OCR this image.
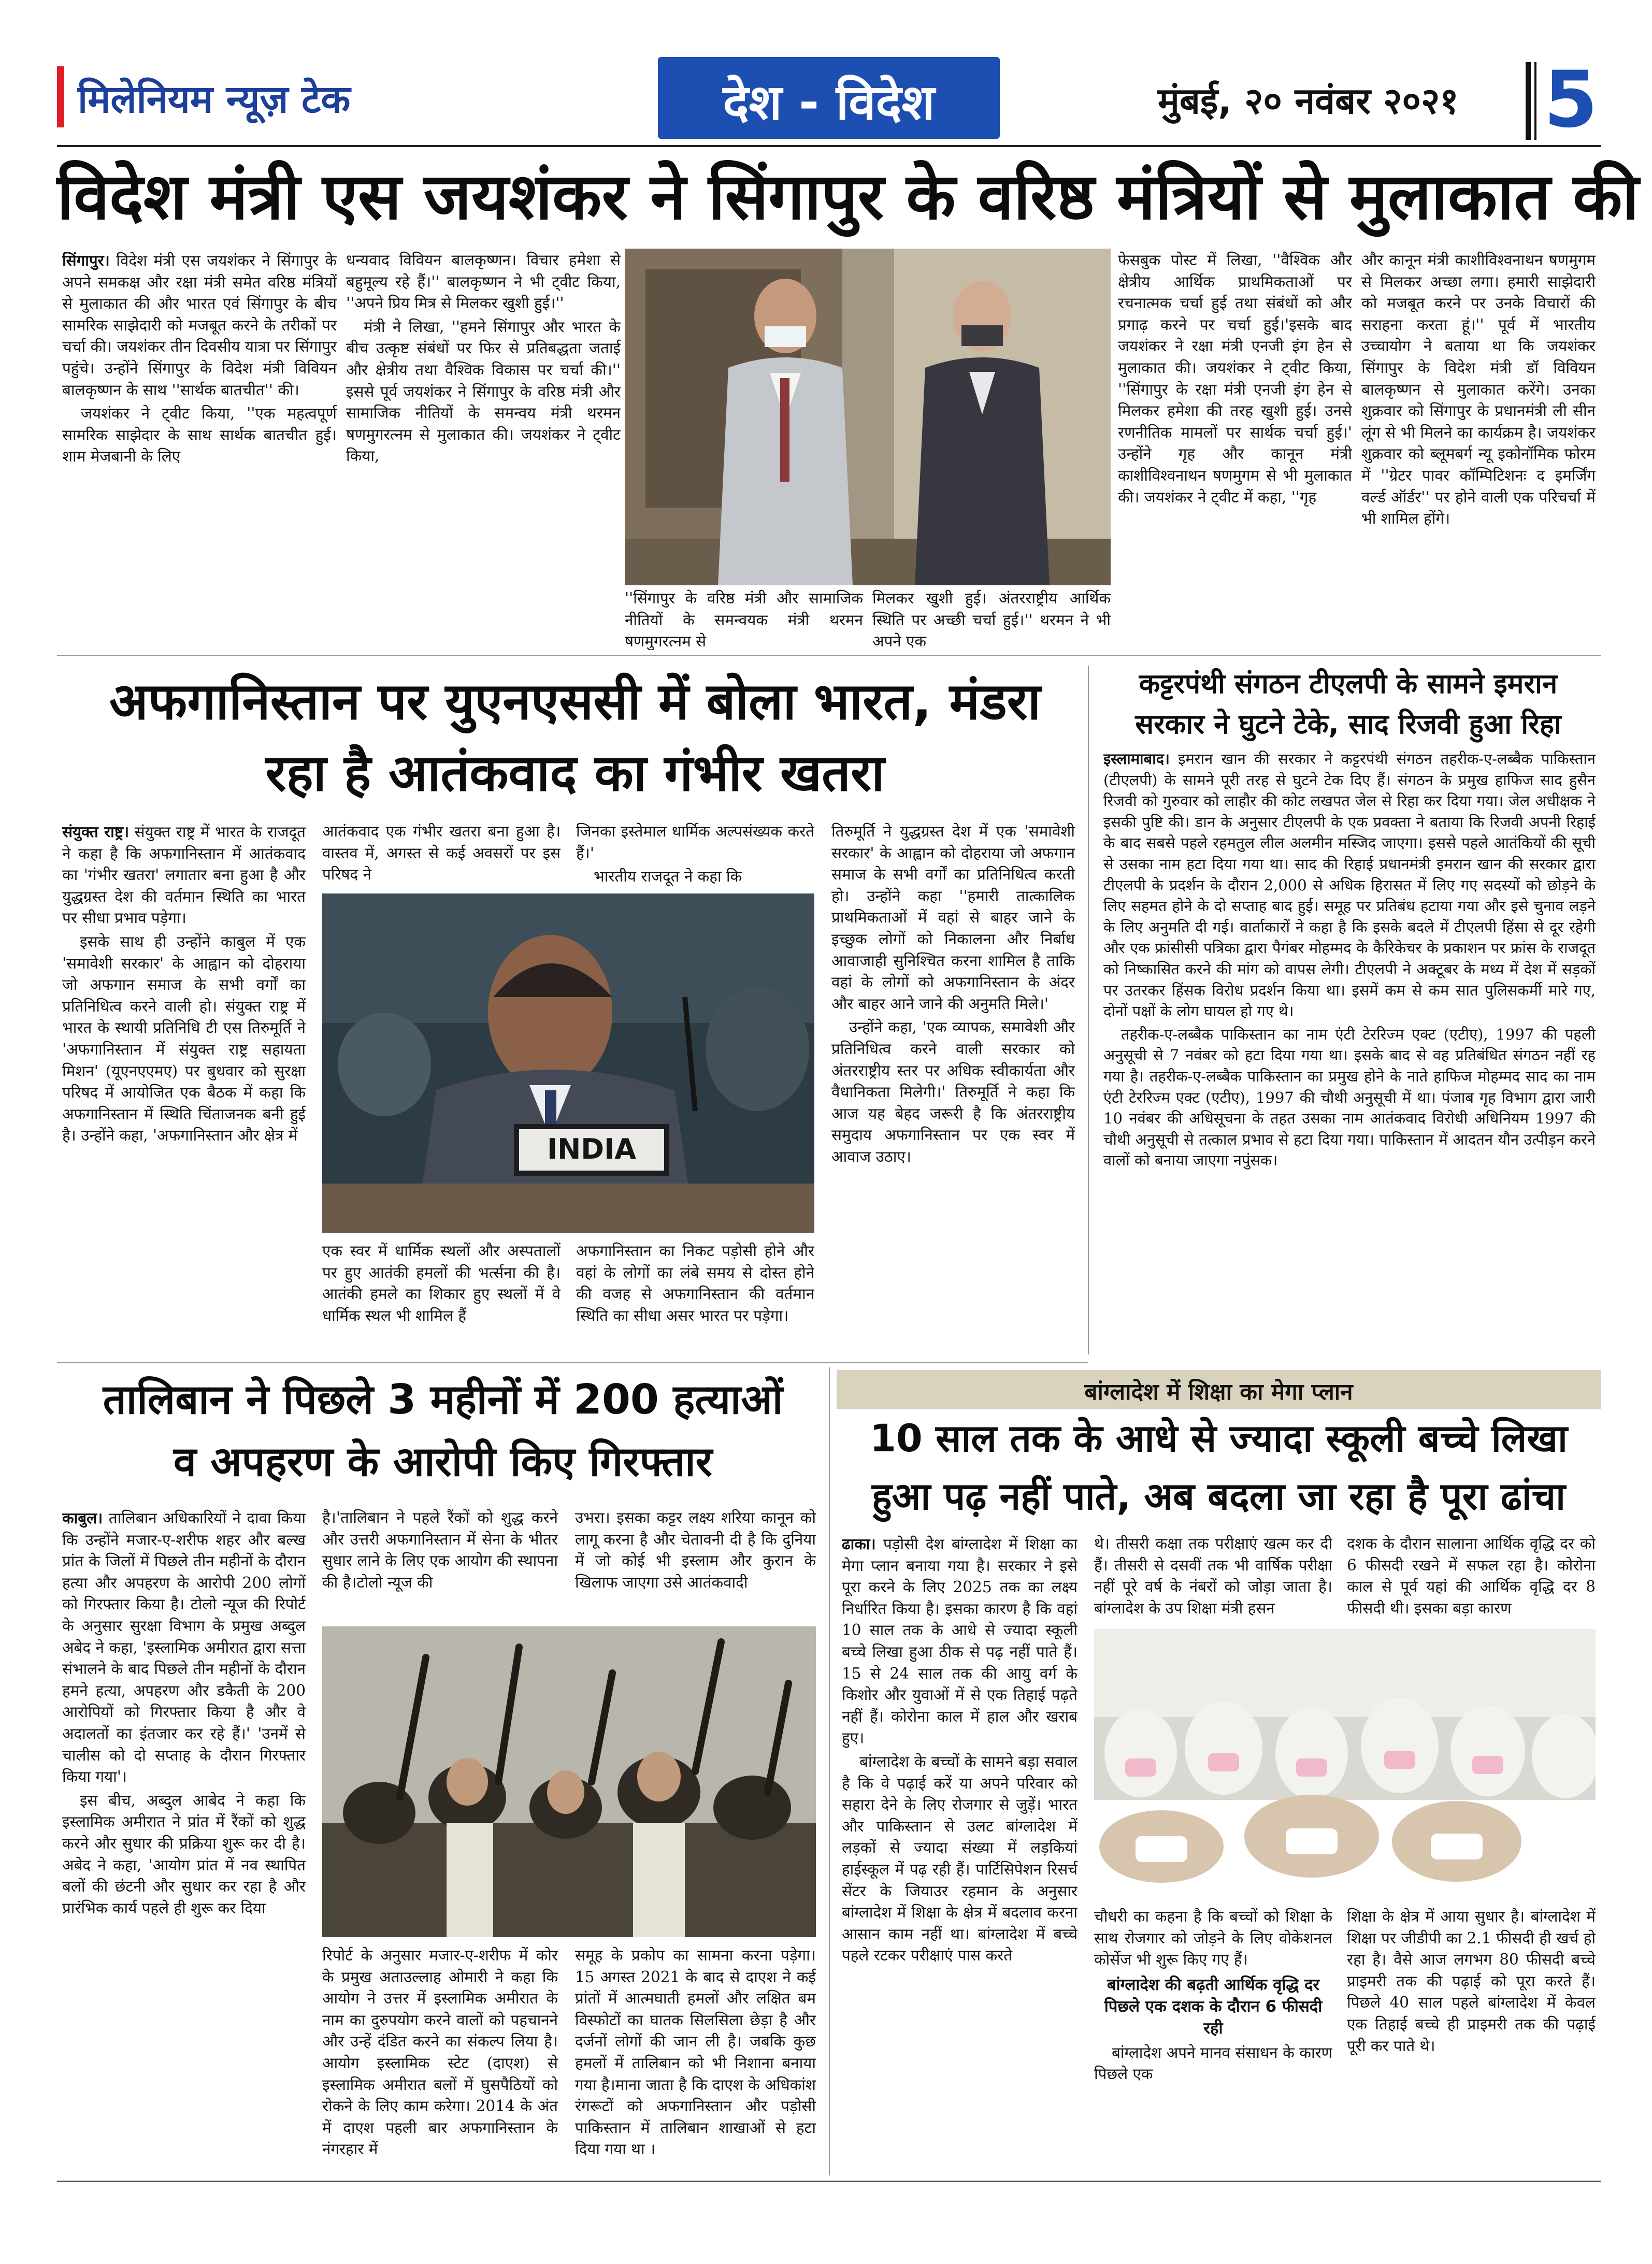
मिलेनियम न्यूज़ टेक	देश - विदेश	मुंबई, २० नवंबर २०२१ 5
विदेश मंत्री एस जयशंकर ने सिंगापुर के वरिष्ठ मंत्रियों से मुलाकात की

सिंगापुर। विदेश मंत्री एस जयशंकर ने सिंगापुर के अपने समकक्ष और रक्षा मंत्री समेत वरिष्ठ मंत्रियों से मुलाकात की और भारत एवं सिंगापुर के बीच सामरिक साझेदारी को मजबूत करने के तरीकों पर चर्चा की। जयशंकर तीन दिवसीय यात्रा पर सिंगापुर पहुंचे। उन्होंने सिंगापुर के विदेश मंत्री विवियन बालकृष्णन के साथ ''सार्थक बातचीत'' की।

जयशंकर ने ट्वीट किया, ''एक महत्वपूर्ण सामरिक साझेदार के साथ सार्थक बातचीत हुई। शाम मेजबानी के लिए

धन्यवाद विवियन बालकृष्णन। विचार हमेशा से बहुमूल्य रहे हैं।'' बालकृष्णन ने भी ट्वीट किया, ''अपने प्रिय मित्र से मिलकर खुशी हुई।''

मंत्री ने लिखा, ''हमने सिंगापुर और भारत के बीच उत्कृष्ट संबंधों पर फिर से प्रतिबद्धता जताई और क्षेत्रीय तथा वैश्विक विकास पर चर्चा की।'' इससे पूर्व जयशंकर ने सिंगापुर के वरिष्ठ मंत्री और सामाजिक नीतियों के समन्वय मंत्री थरमन षणमुगरत्नम से मुलाकात की। जयशंकर ने ट्वीट किया,

''सिंगापुर के वरिष्ठ मंत्री और सामाजिक नीतियों के समन्वयक मंत्री थरमन षणमुगरत्नम से

मिलकर खुशी हुई। अंतरराष्ट्रीय आर्थिक स्थिति पर अच्छी चर्चा हुई।'' थरमन ने भी अपने एक

फेसबुक पोस्ट में लिखा, ''वैश्विक और क्षेत्रीय आर्थिक प्राथमिकताओं पर रचनात्मक चर्चा हुई तथा संबंधों को और प्रगाढ़ करने पर चर्चा हुई।'इसके बाद जयशंकर ने रक्षा मंत्री एनजी इंग हेन से मुलाकात की। जयशंकर ने ट्वीट किया, ''सिंगापुर के रक्षा मंत्री एनजी इंग हेन से मिलकर हमेशा की तरह खुशी हुई। उनसे रणनीतिक मामलों पर सार्थक चर्चा हुई।' उन्होंने गृह और कानून मंत्री काशीविश्वनाथन षणमुगम से भी मुलाकात की। जयशंकर ने ट्वीट में कहा, ''गृह

और कानून मंत्री काशीविश्वनाथन षणमुगम से मिलकर अच्छा लगा। हमारी साझेदारी को मजबूत करने पर उनके विचारों की सराहना करता हूं।'' पूर्व में भारतीय उच्चायोग ने बताया था कि जयशंकर सिंगापुर के विदेश मंत्री डॉ विवियन बालकृष्णन से मुलाकात करेंगे। उनका शुक्रवार को सिंगापुर के प्रधानमंत्री ली सीन लूंग से भी मिलने का कार्यक्रम है। जयशंकर शुक्रवार को ब्लूमबर्ग न्यू इकोनॉमिक फोरम में ''ग्रेटर पावर कॉम्पिटिशनः द इमर्जिंग वर्ल्ड ऑर्डर'' पर होने वाली एक परिचर्चा में भी शामिल होंगे।

अफगानिस्तान पर युएनएससी में बोला भारत, मंडरा
रहा है आतंकवाद का गंभीर खतरा

संयुक्त राष्ट्र। संयुक्त राष्ट्र में भारत के राजदूत ने कहा है कि अफगानिस्तान में आतंकवाद का 'गंभीर खतरा' लगातार बना हुआ है और युद्धग्रस्त देश की वर्तमान स्थिति का भारत पर सीधा प्रभाव पड़ेगा।

इसके साथ ही उन्होंने काबुल में एक 'समावेशी सरकार' के आह्वान को दोहराया जो अफगान समाज के सभी वर्गों का प्रतिनिधित्व करने वाली हो। संयुक्त राष्ट्र में भारत के स्थायी प्रतिनिधि टी एस तिरुमूर्ति ने 'अफगानिस्तान में संयुक्त राष्ट्र सहायता मिशन' (यूएनएएमए) पर बुधवार को सुरक्षा परिषद में आयोजित एक बैठक में कहा कि अफगानिस्तान में स्थिति चिंताजनक बनी हुई है। उन्होंने कहा, 'अफगानिस्तान और क्षेत्र में

आतंकवाद एक गंभीर खतरा बना हुआ है। वास्तव में, अगस्त से कई अवसरों पर इस परिषद ने

जिनका इस्तेमाल धार्मिक अल्पसंख्यक करते हैं।'

भारतीय राजदूत ने कहा कि

INDIA

एक स्वर में धार्मिक स्थलों और अस्पतालों पर हुए आतंकी हमलों की भर्त्सना की है। आतंकी हमले का शिकार हुए स्थलों में वे धार्मिक स्थल भी शामिल हैं

अफगानिस्तान का निकट पड़ोसी होने और वहां के लोगों का लंबे समय से दोस्त होने की वजह से अफगानिस्तान की वर्तमान स्थिति का सीधा असर भारत पर पड़ेगा।

तिरुमूर्ति ने युद्धग्रस्त देश में एक 'समावेशी सरकार' के आह्वान को दोहराया जो अफगान समाज के सभी वर्गों का प्रतिनिधित्व करती हो। उन्होंने कहा ''हमारी तात्कालिक प्राथमिकताओं में वहां से बाहर जाने के इच्छुक लोगों को निकालना और निर्बाध आवाजाही सुनिश्चित करना शामिल है ताकि वहां के लोगों को अफगानिस्तान के अंदर और बाहर आने जाने की अनुमति मिले।'

उन्होंने कहा, 'एक व्यापक, समावेशी और प्रतिनिधित्व करने वाली सरकार को अंतरराष्ट्रीय स्तर पर अधिक स्वीकार्यता और वैधानिकता मिलेगी।' तिरुमूर्ति ने कहा कि आज यह बेहद जरूरी है कि अंतरराष्ट्रीय समुदाय अफगानिस्तान पर एक स्वर में आवाज उठाए।

कट्टरपंथी संगठन टीएलपी के सामने इमरान
सरकार ने घुटने टेके, साद रिजवी हुआ रिहा

इस्लामाबाद। इमरान खान की सरकार ने कट्टरपंथी संगठन तहरीक-ए-लब्बैक पाकिस्तान (टीएलपी) के सामने पूरी तरह से घुटने टेक दिए हैं। संगठन के प्रमुख हाफिज साद हुसैन रिजवी को गुरुवार को लाहौर की कोट लखपत जेल से रिहा कर दिया गया। जेल अधीक्षक ने इसकी पुष्टि की। डान के अनुसार टीएलपी के एक प्रवक्ता ने बताया कि रिजवी अपनी रिहाई के बाद सबसे पहले रहमतुल लील अलमीन मस्जिद जाएगा। इससे पहले आतंकियों की सूची से उसका नाम हटा दिया गया था। साद की रिहाई प्रधानमंत्री इमरान खान की सरकार द्वारा टीएलपी के प्रदर्शन के दौरान 2,000 से अधिक हिरासत में लिए गए सदस्यों को छोड़ने के लिए सहमत होने के दो सप्ताह बाद हुई। समूह पर प्रतिबंध हटाया गया और इसे चुनाव लड़ने के लिए अनुमति दी गई। वार्ताकारों ने कहा है कि इसके बदले में टीएलपी हिंसा से दूर रहेगी और एक फ्रांसीसी पत्रिका द्वारा पैगंबर मोहम्मद के कैरिकेचर के प्रकाशन पर फ्रांस के राजदूत को निष्कासित करने की मांग को वापस लेगी। टीएलपी ने अक्टूबर के मध्य में देश में सड़कों पर उतरकर हिंसक विरोध प्रदर्शन किया था। इसमें कम से कम सात पुलिसकर्मी मारे गए, दोनों पक्षों के लोग घायल हो गए थे।

तहरीक-ए-लब्बैक पाकिस्तान का नाम एंटी टेररिज्म एक्ट (एटीए), 1997 की पहली अनुसूची से 7 नवंबर को हटा दिया गया था। इसके बाद से वह प्रतिबंधित संगठन नहीं रह गया है। तहरीक-ए-लब्बैक पाकिस्तान का प्रमुख होने के नाते हाफिज मोहम्मद साद का नाम एंटी टेररिज्म एक्ट (एटीए), 1997 की चौथी अनुसूची में था। पंजाब गृह विभाग द्वारा जारी 10 नवंबर की अधिसूचना के तहत उसका नाम आतंकवाद विरोधी अधिनियम 1997 की चौथी अनुसूची से तत्काल प्रभाव से हटा दिया गया। पाकिस्तान में आदतन यौन उत्पीड़न करने वालों को बनाया जाएगा नपुंसक।

बांग्लादेश में शिक्षा का मेगा प्लान
तालिबान ने पिछले 3 महीनों में 200 हत्याओं
व अपहरण के आरोपी किए गिरफ्तार

काबुल। तालिबान अधिकारियों ने दावा किया कि उन्होंने मजार-ए-शरीफ शहर और बल्ख प्रांत के जिलों में पिछले तीन महीनों के दौरान हत्या और अपहरण के आरोपी 200 लोगों को गिरफ्तार किया है। टोलो न्यूज की रिपोर्ट के अनुसार सुरक्षा विभाग के प्रमुख अब्दुल अबेद ने कहा, 'इस्लामिक अमीरात द्वारा सत्ता संभालने के बाद पिछले तीन महीनों के दौरान हमने हत्या, अपहरण और डकैती के 200 आरोपियों को गिरफ्तार किया है और वे अदालतों का इंतजार कर रहे हैं।' 'उनमें से चालीस को दो सप्ताह के दौरान गिरफ्तार किया गया'।

इस बीच, अब्दुल आबेद ने कहा कि इस्लामिक अमीरात ने प्रांत में रैंकों को शुद्ध करने और सुधार की प्रक्रिया शुरू कर दी है। अबेद ने कहा, 'आयोग प्रांत में नव स्थापित बलों की छंटनी और सुधार कर रहा है और प्रारंभिक कार्य पहले ही शुरू कर दिया

है।'तालिबान ने पहले रैंकों को शुद्ध करने और उत्तरी अफगानिस्तान में सेना के भीतर सुधार लाने के लिए एक आयोग की स्थापना की है।टोलो न्यूज की

उभरा। इसका कट्टर लक्ष्य शरिया कानून को लागू करना है और चेतावनी दी है कि दुनिया में जो कोई भी इस्लाम और कुरान के खिलाफ जाएगा उसे आतंकवादी

रिपोर्ट के अनुसार मजार-ए-शरीफ में कोर के प्रमुख अताउल्लाह ओमारी ने कहा कि आयोग ने उत्तर में इस्लामिक अमीरात के नाम का दुरुपयोग करने वालों को पहचानने और उन्हें दंडित करने का संकल्प लिया है। आयोग इस्लामिक स्टेट (दाएश) से इस्लामिक अमीरात बलों में घुसपैठियों को रोकने के लिए काम करेगा। 2014 के अंत में दाएश पहली बार अफगानिस्तान के नंगरहार में

समूह के प्रकोप का सामना करना पड़ेगा। 15 अगस्त 2021 के बाद से दाएश ने कई प्रांतों में आत्मघाती हमलों और लक्षित बम विस्फोटों का घातक सिलसिला छेड़ा है और दर्जनों लोगों की जान ली है। जबकि कुछ हमलों में तालिबान को भी निशाना बनाया गया है।माना जाता है कि दाएश के अधिकांश रंगरूटों को अफगानिस्तान और पड़ोसी पाकिस्तान में तालिबान शाखाओं से हटा दिया गया था ।

10 साल तक के आधे से ज्यादा स्कूली बच्चे लिखा
हुआ पढ़ नहीं पाते, अब बदला जा रहा है पूरा ढांचा

ढाका। पड़ोसी देश बांग्लादेश में शिक्षा का मेगा प्लान बनाया गया है। सरकार ने इसे पूरा करने के लिए 2025 तक का लक्ष्य निर्धारित किया है। इसका कारण है कि वहां 10 साल तक के आधे से ज्यादा स्कूली बच्चे लिखा हुआ ठीक से पढ़ नहीं पाते हैं। 15 से 24 साल तक की आयु वर्ग के किशोर और युवाओं में से एक तिहाई पढ़ते नहीं हैं। कोरोना काल में हाल और खराब हुए।

बांग्लादेश के बच्चों के सामने बड़ा सवाल है कि वे पढ़ाई करें या अपने परिवार को सहारा देने के लिए रोजगार से जुड़ें। भारत और पाकिस्तान से उलट बांग्लादेश में लड़कों से ज्यादा संख्या में लड़कियां हाईस्कूल में पढ़ रही हैं। पार्टिसिपेशन रिसर्च सेंटर के जियाउर रहमान के अनुसार बांग्लादेश में शिक्षा के क्षेत्र में बदलाव करना आसान काम नहीं था। बांग्लादेश में बच्चे पहले रटकर परीक्षाएं पास करते

थे। तीसरी कक्षा तक परीक्षाएं खत्म कर दी हैं। तीसरी से दसवीं तक भी वार्षिक परीक्षा नहीं पूरे वर्ष के नंबरों को जोड़ा जाता है। बांग्लादेश के उप शिक्षा मंत्री हसन

दशक के दौरान सालाना आर्थिक वृद्धि दर को 6 फीसदी रखने में सफल रहा है। कोरोना काल से पूर्व यहां की आर्थिक वृद्धि दर 8 फीसदी थी। इसका बड़ा कारण

चौधरी का कहना है कि बच्चों को शिक्षा के साथ रोजगार को जोड़ने के लिए वोकेशनल कोर्सेज भी शुरू किए गए हैं।

बांग्लादेश की बढ़ती आर्थिक वृद्धि दर पिछले एक दशक के दौरान 6 फीसदी रही

बांग्लादेश अपने मानव संसाधन के कारण पिछले एक

शिक्षा के क्षेत्र में आया सुधार है। बांग्लादेश में शिक्षा पर जीडीपी का 2.1 फीसदी ही खर्च हो रहा है। वैसे आज लगभग 80 फीसदी बच्चे प्राइमरी तक की पढ़ाई को पूरा करते हैं। पिछले 40 साल पहले बांग्लादेश में केवल एक तिहाई बच्चे ही प्राइमरी तक की पढ़ाई पूरी कर पाते थे।
